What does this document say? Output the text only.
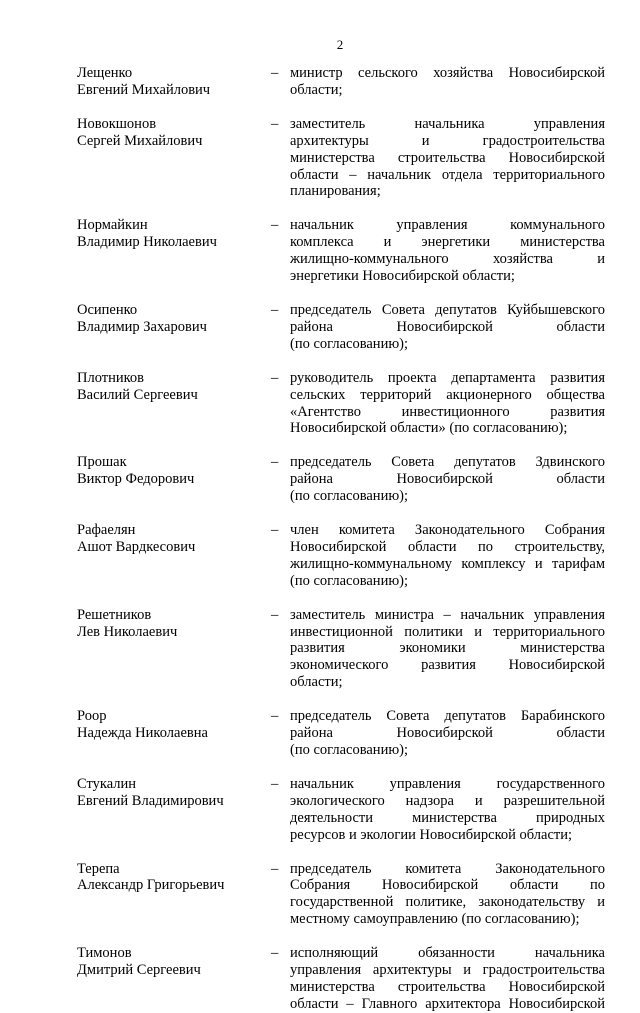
2
Лещенко
Евгений Михайлович
– министр сельского хозяйства Новосибирской
области;
Новокшонов
Сергей Михайлович
– заместитель начальника управления
архитектуры и градостроительства
министерства строительства Новосибирской
области – начальник отдела территориального
планирования;
Нормайкин
Владимир Николаевич
– начальник управления коммунального
комплекса и энергетики министерства
жилищно-коммунального хозяйства и
энергетики Новосибирской области;
Осипенко
Владимир Захарович
– председатель Совета депутатов Куйбышевского
района Новосибирской области
(по согласованию);
Плотников
Василий Сергеевич
– руководитель проекта департамента развития
сельских территорий акционерного общества
«Агентство инвестиционного развития
Новосибирской области» (по согласованию);
Прошак
Виктор Федорович
– председатель Совета депутатов Здвинского
района Новосибирской области
(по согласованию);
Рафаелян
Ашот Вардкесович
– член комитета Законодательного Собрания
Новосибирской области по строительству,
жилищно-коммунальному комплексу и тарифам
(по согласованию);
Решетников
Лев Николаевич
– заместитель министра – начальник управления
инвестиционной политики и территориального
развития экономики министерства
экономического развития Новосибирской
области;
Роор
Надежда Николаевна
– председатель Совета депутатов Барабинского
района Новосибирской области
(по согласованию);
Стукалин
Евгений Владимирович
– начальник управления государственного
экологического надзора и разрешительной
деятельности министерства природных
ресурсов и экологии Новосибирской области;
Терепа
Александр Григорьевич
– председатель комитета Законодательного
Собрания Новосибирской области по
государственной политике, законодательству и
местному самоуправлению (по согласованию);
Тимонов
Дмитрий Сергеевич
– исполняющий обязанности начальника
управления архитектуры и градостроительства
министерства строительства Новосибирской
области – Главного архитектора Новосибирской
